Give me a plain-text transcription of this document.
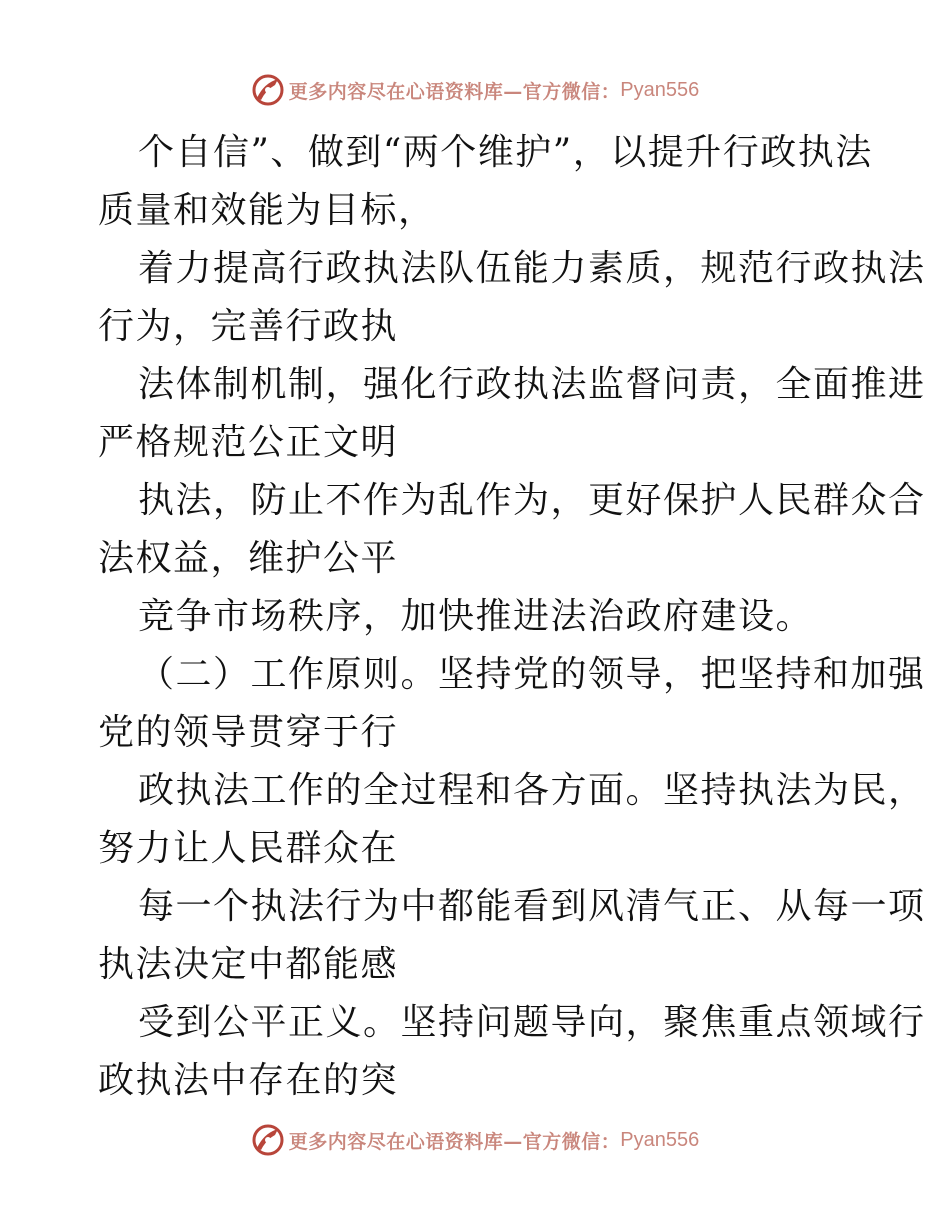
更多内容尽在心语资料库—官方微信： Pyan556
个自信”、做到“两个维护”，以提升行政执法
质量和效能为目标，
着力提高行政执法队伍能力素质，规范行政执法
行为，完善行政执
法体制机制，强化行政执法监督问责，全面推进
严格规范公正文明
执法，防止不作为乱作为，更好保护人民群众合
法权益，维护公平
竞争市场秩序，加快推进法治政府建设。
（二）工作原则。坚持党的领导，把坚持和加强
党的领导贯穿于行
政执法工作的全过程和各方面。坚持执法为民，
努力让人民群众在
每一个执法行为中都能看到风清气正、从每一项
执法决定中都能感
受到公平正义。坚持问题导向，聚焦重点领域行
政执法中存在的突
更多内容尽在心语资料库—官方微信： Pyan556
